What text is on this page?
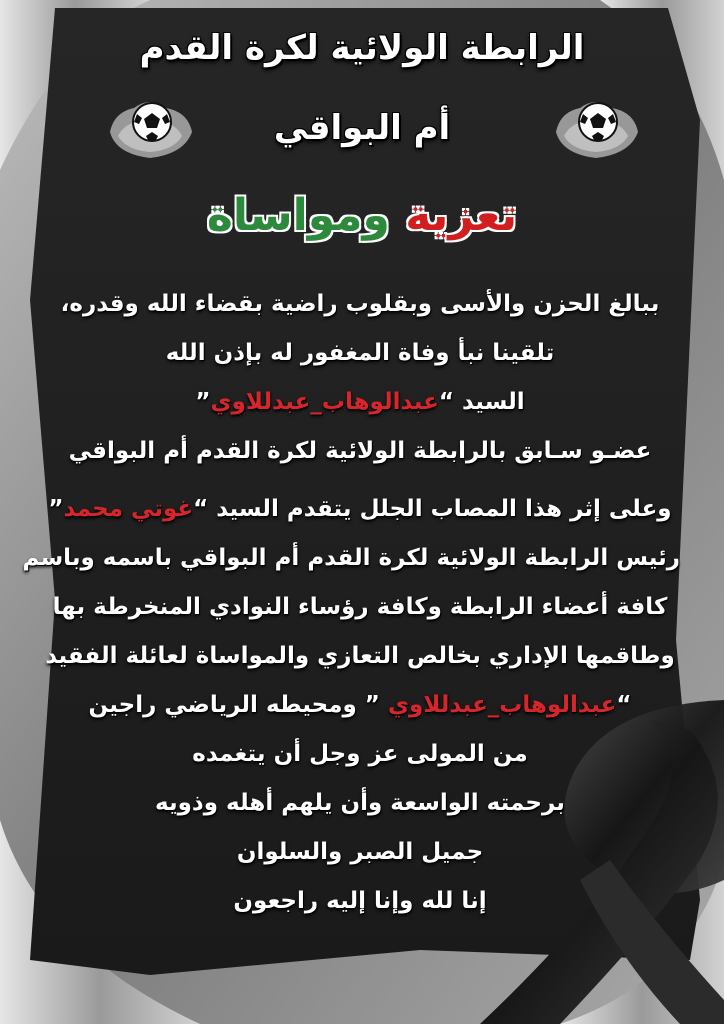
الرابطة الولائية لكرة القدم
أم البواقي
تعزية ومواساة
ببالغ الحزن والأسى وبقلوب راضية بقضاء الله وقدره،
تلقينا نبأ وفاة المغفور له بإذن الله
السيد “عبدالوهاب_عبدللاوي”
عضـو سـابق بالرابطة الولائية لكرة القدم أم البواقي
وعلى إثر هذا المصاب الجلل يتقدم السيد “غوتي محمد”
رئيس الرابطة الولائية لكرة القدم أم البواقي باسمه وباسم
كافة أعضاء الرابطة وكافة رؤساء النوادي المنخرطة بها
وطاقمها الإداري بخالص التعازي والمواساة لعائلة الفقيد
“عبدالوهاب_عبدللاوي ” ومحيطه الرياضي راجين
من المولى عز وجل أن يتغمده
برحمته الواسعة وأن يلهم أهله وذويه
جميل الصبر والسلوان
إنا لله وإنا إليه راجعون
